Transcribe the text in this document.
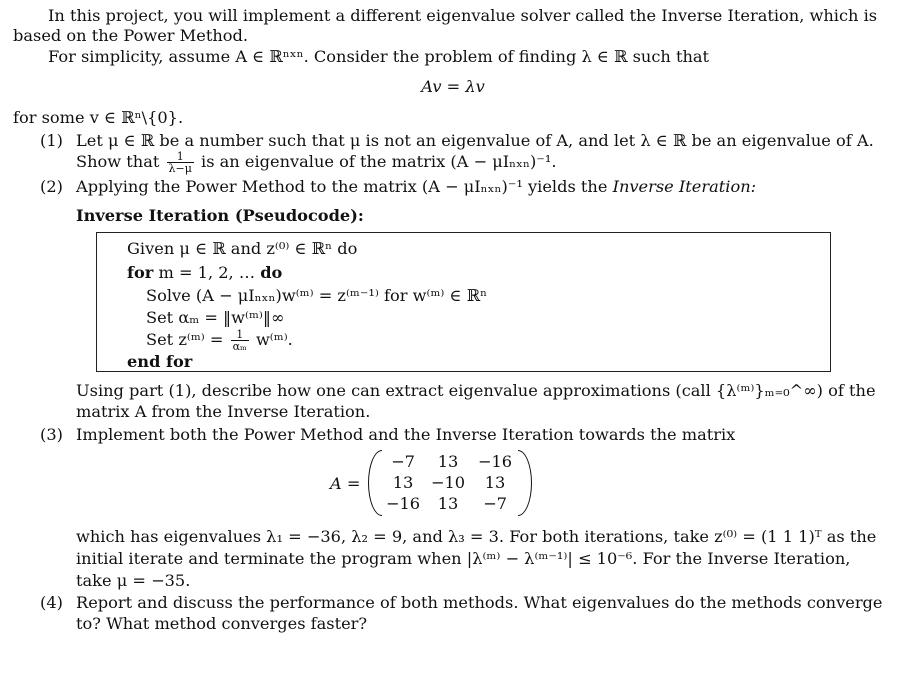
In this project, you will implement a different eigenvalue solver called the Inverse Iteration, which is
based on the Power Method.
For simplicity, assume A ∈ ℝⁿˣⁿ. Consider the problem of finding λ ∈ ℝ such that
Av = λv
for some v ∈ ℝⁿ\{0}.
(1) Let μ ∈ ℝ be a number such that μ is not an eigenvalue of A, and let λ ∈ ℝ be an eigenvalue of A.
Show that $\frac{1}{\lambda-\mu}$ is an eigenvalue of the matrix (A − μIₙₓₙ)⁻¹.
(2) Applying the Power Method to the matrix (A − μIₙₓₙ)⁻¹ yields the Inverse Iteration:
Inverse Iteration (Pseudocode):
Given μ ∈ ℝ and z⁽⁰⁾ ∈ ℝⁿ do
for m = 1, 2, … do
Solve (A − μIₙₓₙ)w⁽ᵐ⁾ = z⁽ᵐ⁻¹⁾ for w⁽ᵐ⁾ ∈ ℝⁿ
Set αₘ = ‖w⁽ᵐ⁾‖∞
Set z⁽ᵐ⁾ = $\frac{1}{\text{αₘ}}$ w⁽ᵐ⁾.
end for
Using part (1), describe how one can extract eigenvalue approximations (call {λ⁽ᵐ⁾}ₘ₌₀^∞) of the
matrix A from the Inverse Iteration.
(3) Implement both the Power Method and the Inverse Iteration towards the matrix
A =
−7	13	−16
13	−10	13
−16	13	−7
which has eigenvalues λ₁ = −36, λ₂ = 9, and λ₃ = 3. For both iterations, take z⁽⁰⁾ = (1 1 1)ᵀ as the
initial iterate and terminate the program when |λ⁽ᵐ⁾ − λ⁽ᵐ⁻¹⁾| ≤ 10⁻⁶. For the Inverse Iteration,
take μ = −35.
(4) Report and discuss the performance of both methods. What eigenvalues do the methods converge
to? What method converges faster?
